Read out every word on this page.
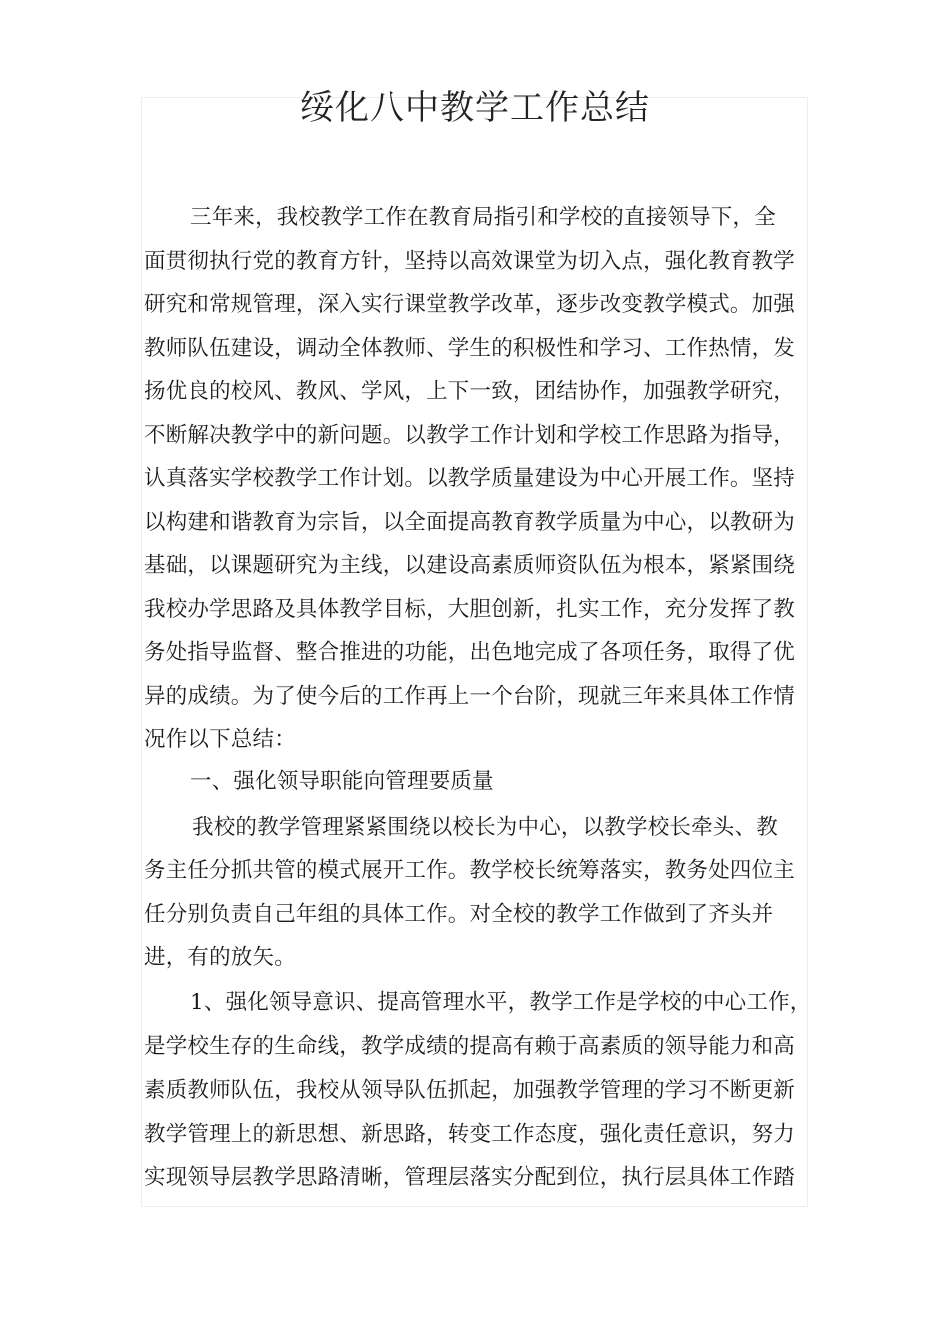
绥化八中教学工作总结
三年来，我校教学工作在教育局指引和学校的直接领导下，全
面贯彻执行党的教育方针，坚持以高效课堂为切入点，强化教育教学
研究和常规管理，深入实行课堂教学改革，逐步改变教学模式。加强
教师队伍建设，调动全体教师、学生的积极性和学习、工作热情，发
扬优良的校风、教风、学风，上下一致，团结协作，加强教学研究，
不断解决教学中的新问题。以教学工作计划和学校工作思路为指导，
认真落实学校教学工作计划。以教学质量建设为中心开展工作。坚持
以构建和谐教育为宗旨，以全面提高教育教学质量为中心，以教研为
基础，以课题研究为主线，以建设高素质师资队伍为根本，紧紧围绕
我校办学思路及具体教学目标，大胆创新，扎实工作，充分发挥了教
务处指导监督、整合推进的功能，出色地完成了各项任务，取得了优
异的成绩。为了使今后的工作再上一个台阶，现就三年来具体工作情
况作以下总结：
一、强化领导职能向管理要质量
我校的教学管理紧紧围绕以校长为中心，以教学校长牵头、教
务主任分抓共管的模式展开工作。教学校长统筹落实，教务处四位主
任分别负责自己年组的具体工作。对全校的教学工作做到了齐头并
进，有的放矢。
1、强化领导意识、提高管理水平，教学工作是学校的中心工作，
是学校生存的生命线，教学成绩的提高有赖于高素质的领导能力和高
素质教师队伍，我校从领导队伍抓起，加强教学管理的学习不断更新
教学管理上的新思想、新思路，转变工作态度，强化责任意识，努力
实现领导层教学思路清晰，管理层落实分配到位，执行层具体工作踏
